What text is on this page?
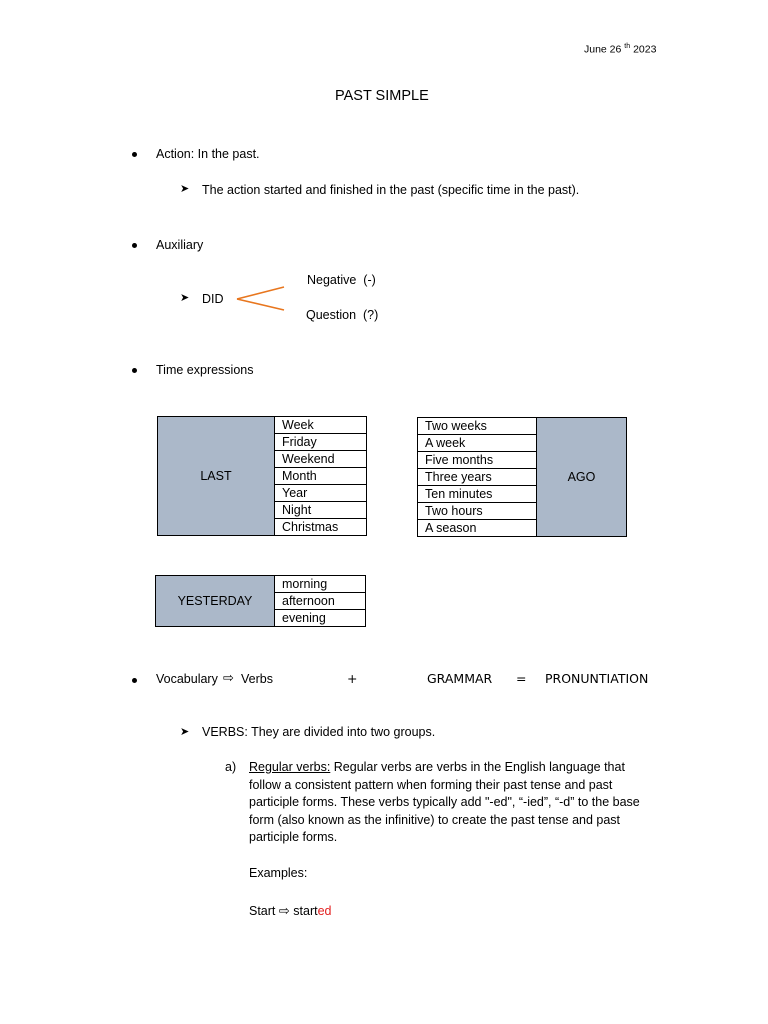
June 26 $^{th}$ 2023
PAST SIMPLE
Action: In the past.
➤ The action started and finished in the past (specific time in the past).
Auxiliary
Negative  (-)
➤ DID
Question  (?)
Time expressions
LAST	Week
Friday
Weekend
Month
Year
Night
Christmas
Two weeks	AGO
A week
Five months
Three years
Ten minutes
Two hours
A season
YESTERDAY	morning
afternoon
evening
Vocabulary ⇨ Verbs	+	GRAMMAR = PRONUNTIATION
➤ VERBS: They are divided into two groups.
a) Regular verbs: Regular verbs are verbs in the English language that follow a consistent pattern when forming their past tense and past participle forms. These verbs typically add "-ed", “-ied”, “-d” to the base form (also known as the infinitive) to create the past tense and past participle forms.
Examples:
Start ⇨ started
